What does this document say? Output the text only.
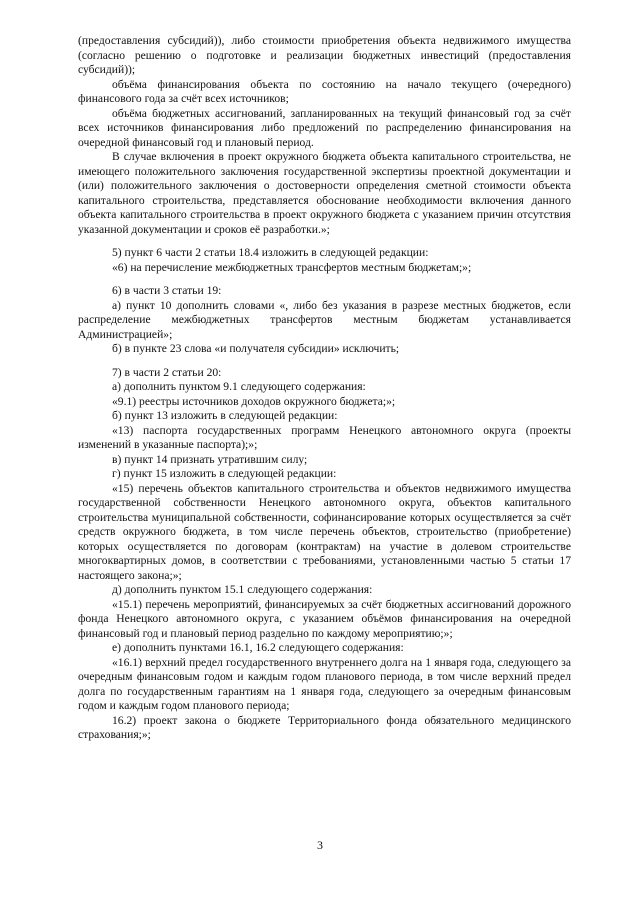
(предоставления субсидий)), либо стоимости приобретения объекта недвижимого имущества (согласно решению о подготовке и реализации бюджетных инвестиций (предоставления субсидий));

объёма финансирования объекта по состоянию на начало текущего (очередного) финансового года за счёт всех источников;

объёма бюджетных ассигнований, запланированных на текущий финансовый год за счёт всех источников финансирования либо предложений по распределению финансирования на очередной финансовый год и плановый период.

В случае включения в проект окружного бюджета объекта капитального строительства, не имеющего положительного заключения государственной экспертизы проектной документации и (или) положительного заключения о достоверности определения сметной стоимости объекта капитального строительства, представляется обоснование необходимости включения данного объекта капитального строительства в проект окружного бюджета с указанием причин отсутствия указанной документации и сроков её разработки.»;

5) пункт 6 части 2 статьи 18.4 изложить в следующей редакции:

«6) на перечисление межбюджетных трансфертов местным бюджетам;»;

6) в части 3 статьи 19:

а) пункт 10 дополнить словами «, либо без указания в разрезе местных бюджетов, если распределение межбюджетных трансфертов местным бюджетам устанавливается Администрацией»;

б) в пункте 23 слова «и получателя субсидии» исключить;

7) в части 2 статьи 20:

а) дополнить пунктом 9.1 следующего содержания:

«9.1) реестры источников доходов окружного бюджета;»;

б) пункт 13 изложить в следующей редакции:

«13) паспорта государственных программ Ненецкого автономного округа (проекты изменений в указанные паспорта);»;

в) пункт 14 признать утратившим силу;

г) пункт 15 изложить в следующей редакции:

«15) перечень объектов капитального строительства и объектов недвижимого имущества государственной собственности Ненецкого автономного округа, объектов капитального строительства муниципальной собственности, софинансирование которых осуществляется за счёт средств окружного бюджета, в том числе перечень объектов, строительство (приобретение) которых осуществляется по договорам (контрактам) на участие в долевом строительстве многоквартирных домов, в соответствии с требованиями, установленными частью 5 статьи 17 настоящего закона;»;

д) дополнить пунктом 15.1 следующего содержания:

«15.1) перечень мероприятий, финансируемых за счёт бюджетных ассигнований дорожного фонда Ненецкого автономного округа, с указанием объёмов финансирования на очередной финансовый год и плановый период раздельно по каждому мероприятию;»;

е) дополнить пунктами 16.1, 16.2 следующего содержания:

«16.1) верхний предел государственного внутреннего долга на 1 января года, следующего за очередным финансовым годом и каждым годом планового периода, в том числе верхний предел долга по государственным гарантиям на 1 января года, следующего за очередным финансовым годом и каждым годом планового периода;

16.2) проект закона о бюджете Территориального фонда обязательного медицинского страхования;»;

3
